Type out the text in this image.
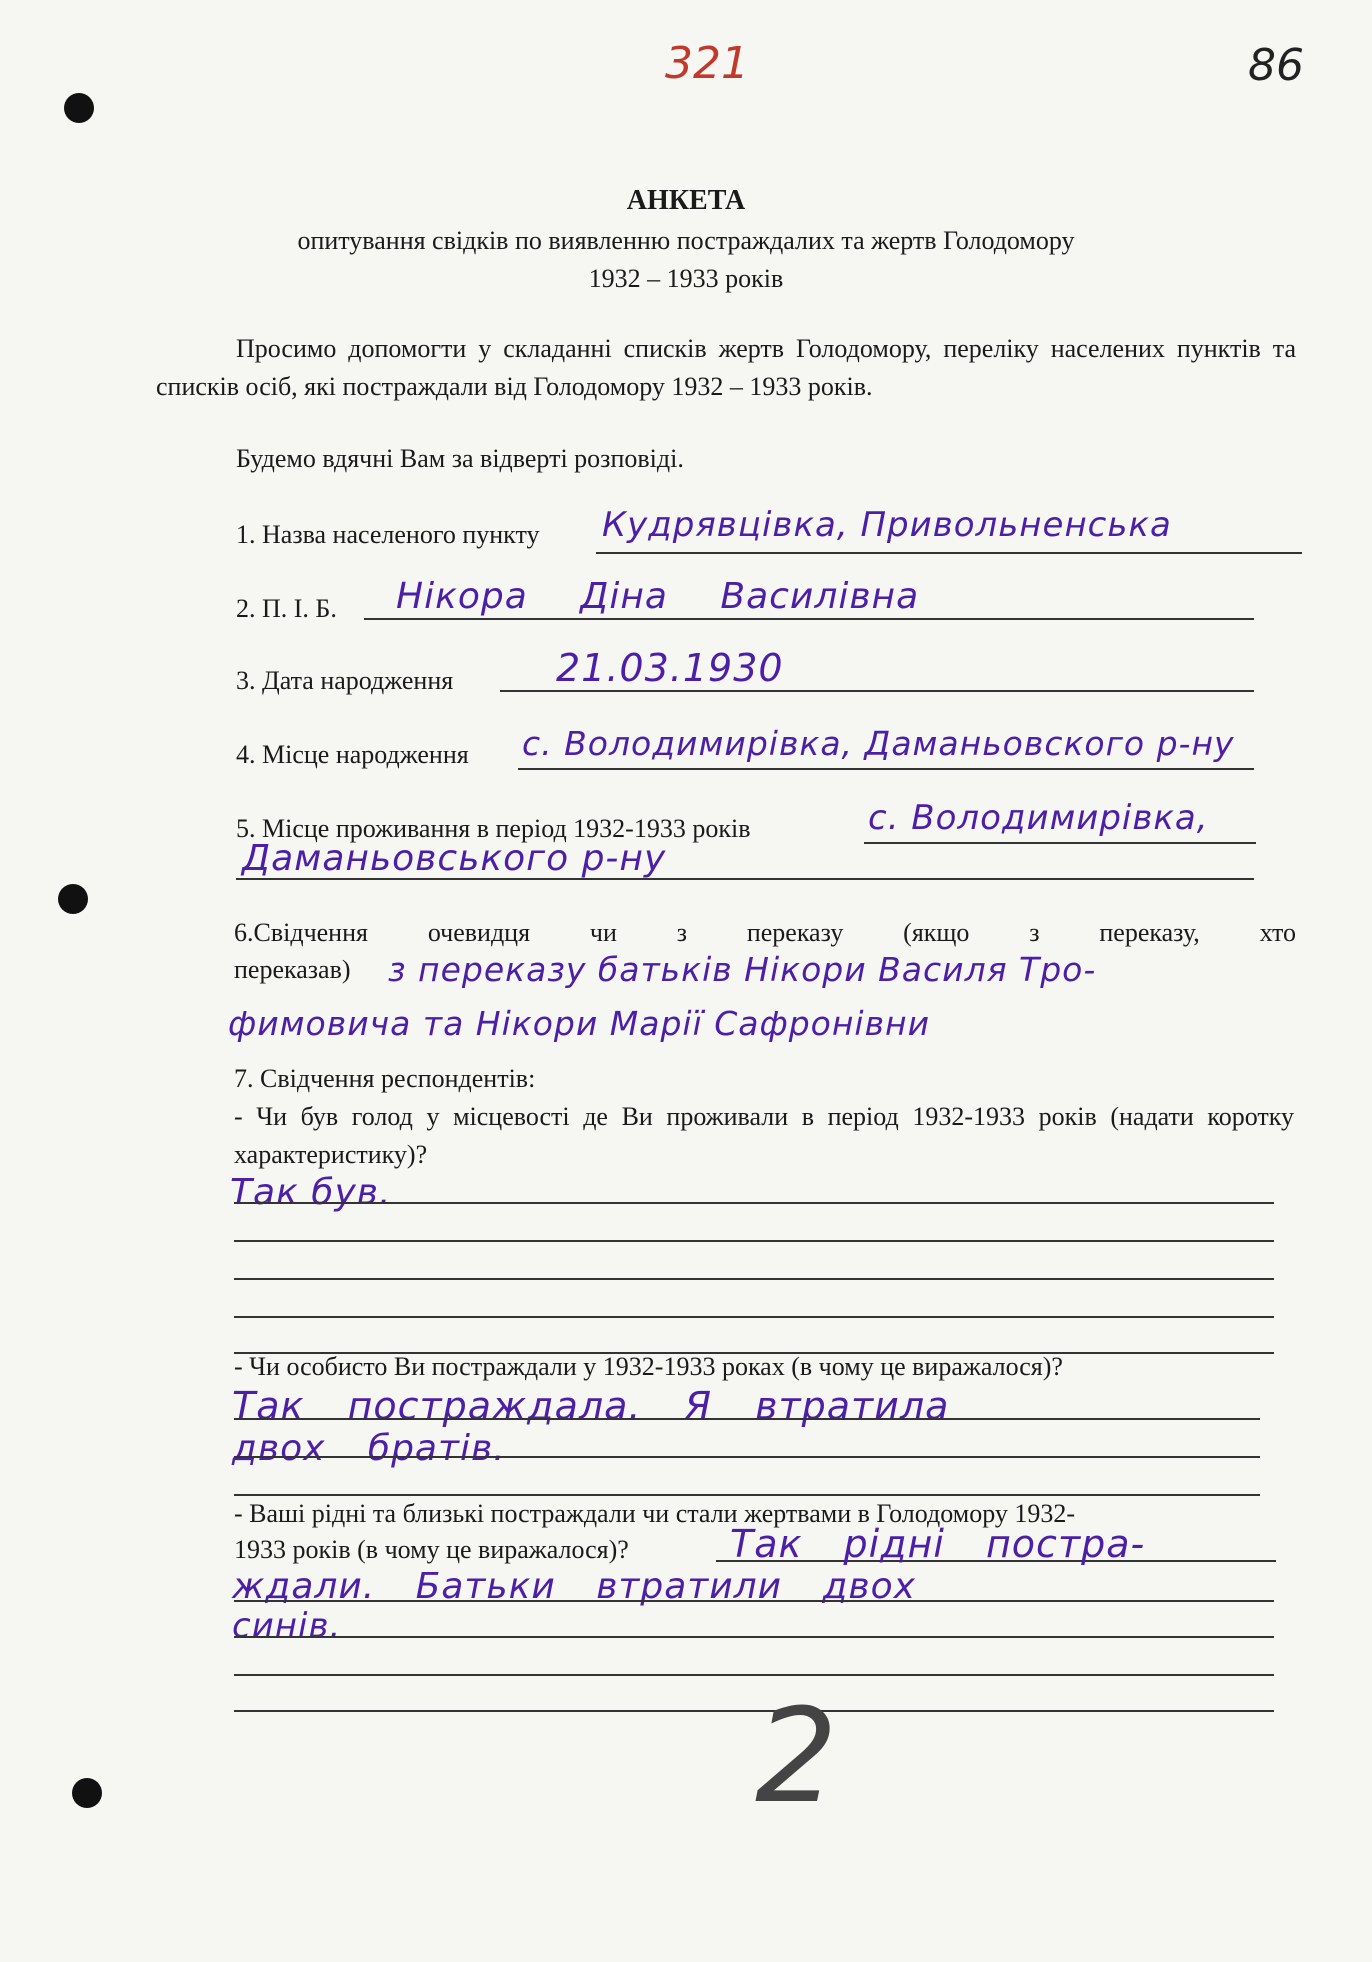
321	86
АНКЕТА
опитування свідків по виявленню постраждалих та жертв Голодомору
1932 – 1933 років
Просимо допомогти у складанні списків жертв Голодомору, переліку населених пунктів та списків осіб, які постраждали від Голодомору 1932 – 1933 років.
Будемо вдячні Вам за відверті розповіді.
1. Назва населеного пункту Кудрявцівка, Привольненська
2. П. І. Б. Нікора Діна Василівна
3. Дата народження	21.03.1930
4. Місце народження с. Володимирівка, Даманьовского р-ну
5. Місце проживання в період 1932-1933 років	с. Володимирівка,
Даманьовського р-ну
6.Свідчення очевидця чи з переказу (якщо з переказу, хто
переказав) з переказу батьків Нікори Василя Тро-
фимовича та Нікори Марії Сафронівни
7. Свідчення респондентів:
- Чи був голод у місцевості де Ви проживали в період 1932-1933 років (надати коротку характеристику)?
Так був.
- Чи особисто Ви постраждали у 1932-1933 роках (в чому це виражалося)?
Так постраждала. Я втратила
двох братів.
- Ваші рідні та близькі постраждали чи стали жертвами в Голодомору 1932-
1933 років (в чому це виражалося)?	Так рідні постра-
ждали. Батьки втратили двох
синів.
2
